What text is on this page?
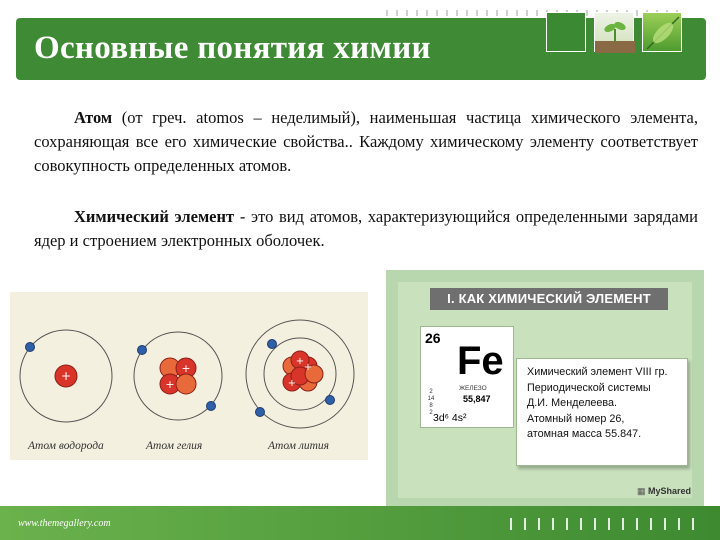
Основные понятия химии

Атом (от греч. atomos – неделимый), наименьшая частица химического элемента, сохраняющая все его химические свойства.. Каждому химическому элементу соответствует совокупность определенных атомов.

Химический элемент - это вид атомов, характеризующийся определенными зарядами ядер и строением электронных оболочек.

+
+
+
+
+
+
Атом водорода	Атом гелия	Атом лития
I. КАК ХИМИЧЕСКИЙ ЭЛЕМЕНТ
26
Fe
ЖЕЛЕЗО
55,847
2
14
8
2 3d⁶ 4s²
Химический элемент VIII гр.
Периодической системы
Д.И. Менделеева.
Атомный номер 26,
атомная масса 55.847.
▦ MyShared
www.themegallery.com
